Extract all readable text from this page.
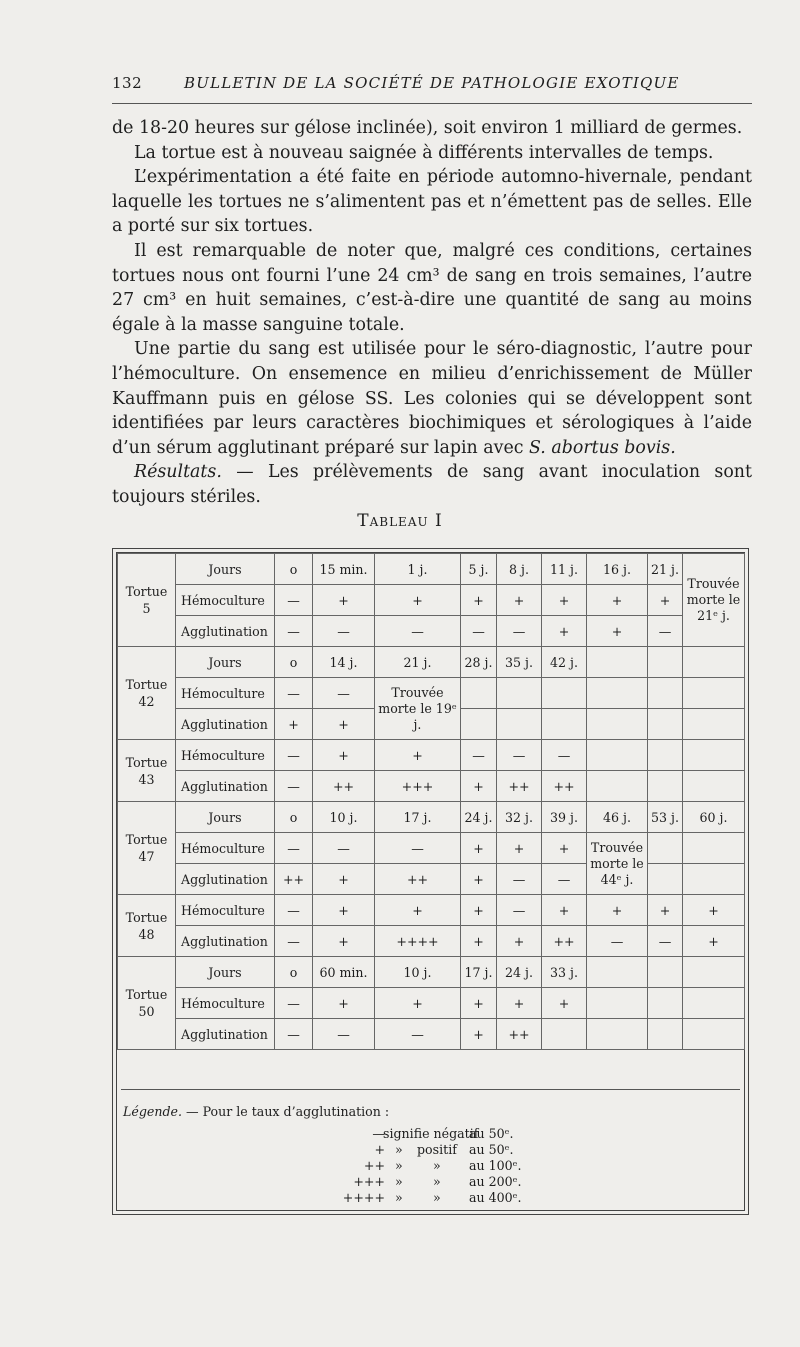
132	BULLETIN DE LA SOCIÉTÉ DE PATHOLOGIE EXOTIQUE

de 18-20 heures sur gélose inclinée), soit environ 1 milliard de germes.

La tortue est à nouveau saignée à différents intervalles de temps.

L’expérimentation a été faite en période automno-hivernale, pendant laquelle les tortues ne s’alimentent pas et n’émettent pas de selles. Elle a porté sur six tortues.

Il est remarquable de noter que, malgré ces conditions, certaines tortues nous ont fourni l’une 24 cm³ de sang en trois semaines, l’autre 27 cm³ en huit semaines, c’est-à-dire une quantité de sang au moins égale à la masse sanguine totale.

Une partie du sang est utilisée pour le séro-diagnostic, l’autre pour l’hémoculture. On ensemence en milieu d’enrichissement de Müller Kauffmann puis en gélose SS. Les colonies qui se développent sont identifiées par leurs caractères biochimiques et sérologiques à l’aide d’un sérum agglutinant préparé sur lapin avec S. abortus bovis.

Résultats. — Les prélèvements de sang avant inoculation sont toujours stériles.

Tableau I
Tortue 5	Jours	o	15 min.	1 j.	5 j.	8 j.	11 j.	16 j.	21 j.	Trouvée morte le 21ᵉ j.
	Hémoculture	—	+	+	+	+	+	+	+	
	Agglutination	—	—	—	—	—	+	+	—	
Tortue 42	Jours	o	14 j.	21 j.	28 j.	35 j.	42 j.			
	Hémoculture	—	—	Trouvée morte le 19ᵉ j.						
	Agglutination	+	+							
Tortue 43	Hémoculture	—	+	+	—	—	—			
	Agglutination	—	++	+++	+	++	++			
Tortue 47	Jours	o	10 j.	17 j.	24 j.	32 j.	39 j.	46 j.	53 j.	60 j.
	Hémoculture	—	—	—	+	+	+	Trouvée morte le 44ᵉ j.		
	Agglutination	++	+	++	+	—	—			
Tortue 48	Hémoculture	—	+	+	+	—	+	+	+	+
	Agglutination	—	+	++++	+	+	++	—	—	+
Tortue 50	Jours	o	60 min.	10 j.	17 j.	24 j.	33 j.			
	Hémoculture	—	+	+	+	+	+			
	Agglutination	—	—	—	+	++				
Légende. — Pour le taux d’agglutination :
—
signifie négatif
au 50ᵉ.
+ » positif au 50ᵉ.
++ » » au 100ᵉ.
+++ » » au 200ᵉ.
++++ » » au 400ᵉ.
